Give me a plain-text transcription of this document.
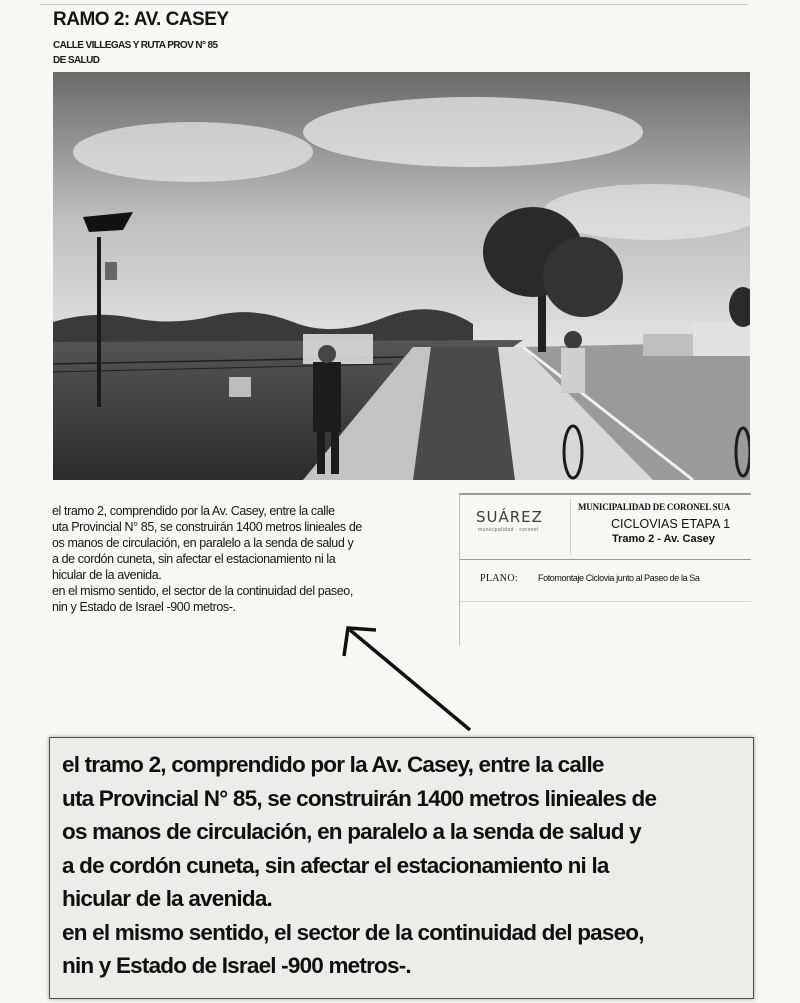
RAMO 2: AV. CASEY
CALLE VILLEGAS Y RUTA PROV N° 85
DE SALUD
el tramo 2, comprendido por la Av. Casey, entre la calle
uta Provincial N° 85, se construirán 1400 metros linieales de
os manos de circulación, en paralelo a la senda de salud y
a de cordón cuneta, sin afectar el estacionamiento ni la
hicular de la avenida.
en el mismo sentido, el sector de la continuidad del paseo,
nin y Estado de Israel -900 metros-.
SUÁREZ
municipalidad · coronel
MUNICIPALIDAD DE CORONEL SUA
CICLOVIAS ETAPA 1
Tramo 2 - Av. Casey
PLANO: Fotomontaje Ciclovia junto al Paseo de la Sa
el tramo 2, comprendido por la Av. Casey, entre la calle
uta Provincial N° 85, se construirán 1400 metros linieales de
os manos de circulación, en paralelo a la senda de salud y
a de cordón cuneta, sin afectar el estacionamiento ni la
hicular de la avenida.
en el mismo sentido, el sector de la continuidad del paseo,
nin y Estado de Israel -900 metros-.
